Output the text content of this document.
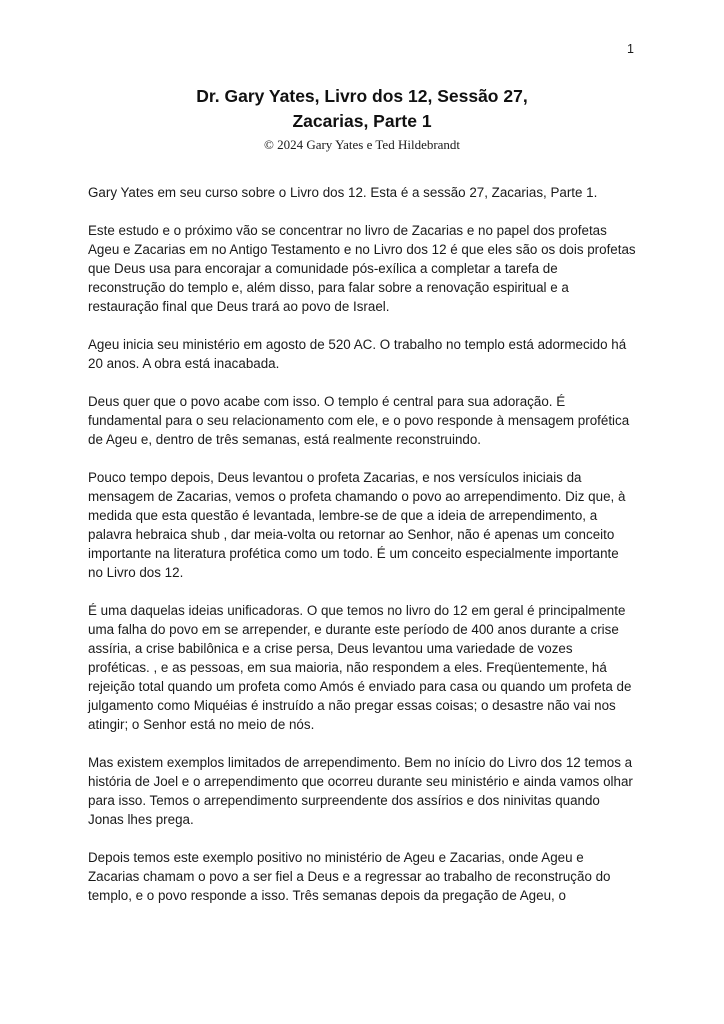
1
Dr. Gary Yates, Livro dos 12, Sessão 27,
Zacarias, Parte 1
© 2024 Gary Yates e Ted Hildebrandt

Gary Yates em seu curso sobre o Livro dos 12. Esta é a sessão 27, Zacarias, Parte 1.

Este estudo e o próximo vão se concentrar no livro de Zacarias e no papel dos profetas Ageu e Zacarias em no Antigo Testamento e no Livro dos 12 é que eles são os dois profetas que Deus usa para encorajar a comunidade pós-exílica a completar a tarefa de reconstrução do templo e, além disso, para falar sobre a renovação espiritual e a restauração final que Deus trará ao povo de Israel.

Ageu inicia seu ministério em agosto de 520 AC. O trabalho no templo está adormecido há 20 anos. A obra está inacabada.

Deus quer que o povo acabe com isso. O templo é central para sua adoração. É fundamental para o seu relacionamento com ele, e o povo responde à mensagem profética de Ageu e, dentro de três semanas, está realmente reconstruindo.

Pouco tempo depois, Deus levantou o profeta Zacarias, e nos versículos iniciais da mensagem de Zacarias, vemos o profeta chamando o povo ao arrependimento. Diz que, à medida que esta questão é levantada, lembre-se de que a ideia de arrependimento, a palavra hebraica shub , dar meia-volta ou retornar ao Senhor, não é apenas um conceito importante na literatura profética como um todo. É um conceito especialmente importante no Livro dos 12.

É uma daquelas ideias unificadoras. O que temos no livro do 12 em geral é principalmente uma falha do povo em se arrepender, e durante este período de 400 anos durante a crise assíria, a crise babilônica e a crise persa, Deus levantou uma variedade de vozes proféticas. , e as pessoas, em sua maioria, não respondem a eles. Freqüentemente, há rejeição total quando um profeta como Amós é enviado para casa ou quando um profeta de julgamento como Miquéias é instruído a não pregar essas coisas; o desastre não vai nos atingir; o Senhor está no meio de nós.

Mas existem exemplos limitados de arrependimento. Bem no início do Livro dos 12 temos a história de Joel e o arrependimento que ocorreu durante seu ministério e ainda vamos olhar para isso. Temos o arrependimento surpreendente dos assírios e dos ninivitas quando Jonas lhes prega.

Depois temos este exemplo positivo no ministério de Ageu e Zacarias, onde Ageu e Zacarias chamam o povo a ser fiel a Deus e a regressar ao trabalho de reconstrução do templo, e o povo responde a isso. Três semanas depois da pregação de Ageu, o
